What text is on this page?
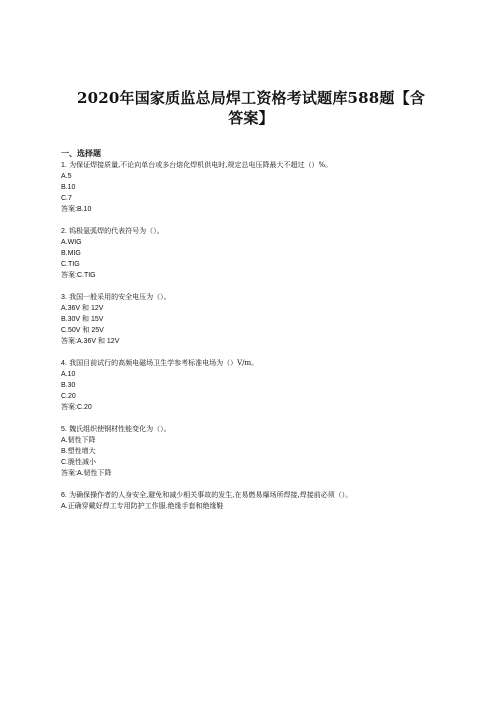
2020年国家质监总局焊工资格考试题库588题【含
答案】
一、选择题
1. 为保证焊接质量,不论向单台或多台熔化焊机供电时,规定总电压降最大不超过（）%。
A.5
B.10
C.7
答案:B.10
2. 钨极氩弧焊的代表符号为（）。
A.WIG
B.MIG
C.TIG
答案:C.TIG
3. 我国一般采用的安全电压为（）。
A.36V 和 12V
B.30V 和 15V
C.50V 和 25V
答案:A.36V 和 12V
4. 我国目前试行的高频电磁场卫生学参考标准电场为（）V/m。
A.10
B.30
C.20
答案:C.20
5. 魏氏组织使钢材性能变化为（）。
A.韧性下降
B.塑性增大
C.脆性减小
答案:A.韧性下降
6. 为确保操作者的人身安全,避免和减少相关事故的发生,在易燃易爆场所焊接,焊接前必须（）。
A.正确穿戴好焊工专用防护工作服.绝缘手套和绝缘鞋
